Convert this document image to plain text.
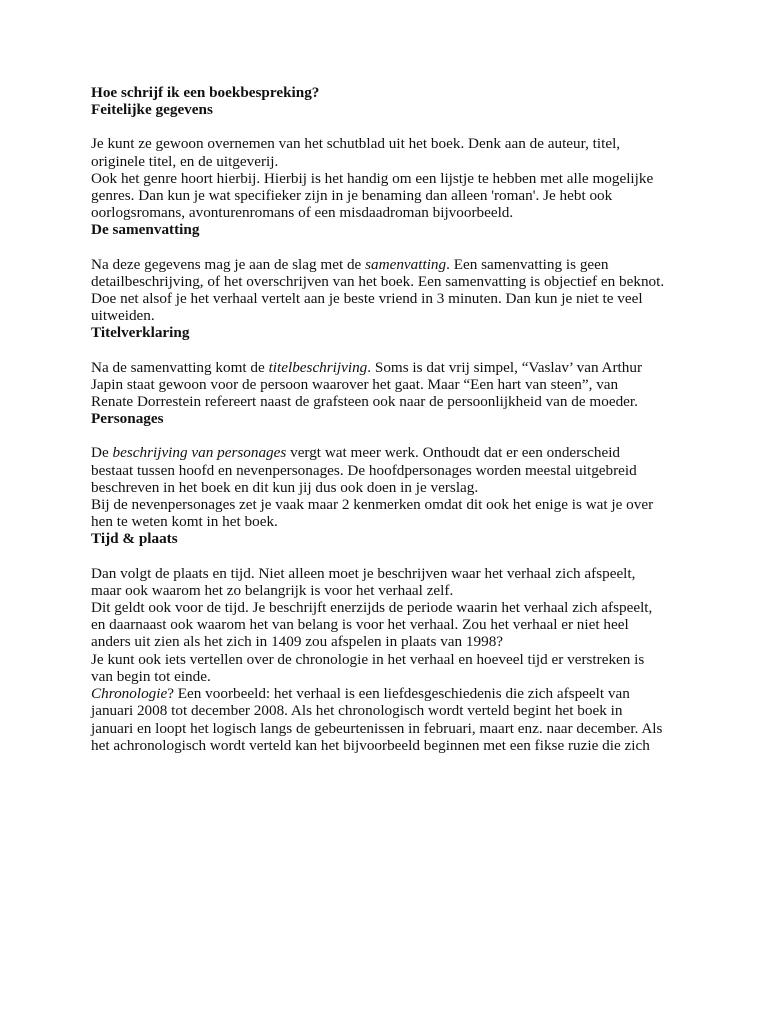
Hoe schrijf ik een boekbespreking?

Feitelijke gegevens

Je kunt ze gewoon overnemen van het schutblad uit het boek. Denk aan de auteur, titel,
originele titel, en de uitgeverij.

Ook het genre hoort hierbij. Hierbij is het handig om een lijstje te hebben met alle mogelijke
genres. Dan kun je wat specifieker zijn in je benaming dan alleen 'roman'. Je hebt ook
oorlogsromans, avonturenromans of een misdaadroman bijvoorbeeld.

De samenvatting

Na deze gegevens mag je aan de slag met de samenvatting. Een samenvatting is geen
detailbeschrijving, of het overschrijven van het boek. Een samenvatting is objectief en beknot.

Doe net alsof je het verhaal vertelt aan je beste vriend in 3 minuten. Dan kun je niet te veel
uitweiden.

Titelverklaring

Na de samenvatting komt de titelbeschrijving. Soms is dat vrij simpel, “Vaslav’ van Arthur
Japin staat gewoon voor de persoon waarover het gaat. Maar “Een hart van steen”, van
Renate Dorrestein refereert naast de grafsteen ook naar de persoonlijkheid van de moeder.

Personages

De beschrijving van personages vergt wat meer werk. Onthoudt dat er een onderscheid
bestaat tussen hoofd en nevenpersonages. De hoofdpersonages worden meestal uitgebreid
beschreven in het boek en dit kun jij dus ook doen in je verslag.

Bij de nevenpersonages zet je vaak maar 2 kenmerken omdat dit ook het enige is wat je over
hen te weten komt in het boek.

Tijd & plaats

Dan volgt de plaats en tijd. Niet alleen moet je beschrijven waar het verhaal zich afspeelt,
maar ook waarom het zo belangrijk is voor het verhaal zelf.

Dit geldt ook voor de tijd. Je beschrijft enerzijds de periode waarin het verhaal zich afspeelt,
en daarnaast ook waarom het van belang is voor het verhaal. Zou het verhaal er niet heel
anders uit zien als het zich in 1409 zou afspelen in plaats van 1998?

Je kunt ook iets vertellen over de chronologie in het verhaal en hoeveel tijd er verstreken is
van begin tot einde.

Chronologie? Een voorbeeld: het verhaal is een liefdesgeschiedenis die zich afspeelt van
januari 2008 tot december 2008. Als het chronologisch wordt verteld begint het boek in
januari en loopt het logisch langs de gebeurtenissen in februari, maart enz. naar december. Als
het achronologisch wordt verteld kan het bijvoorbeeld beginnen met een fikse ruzie die zich
